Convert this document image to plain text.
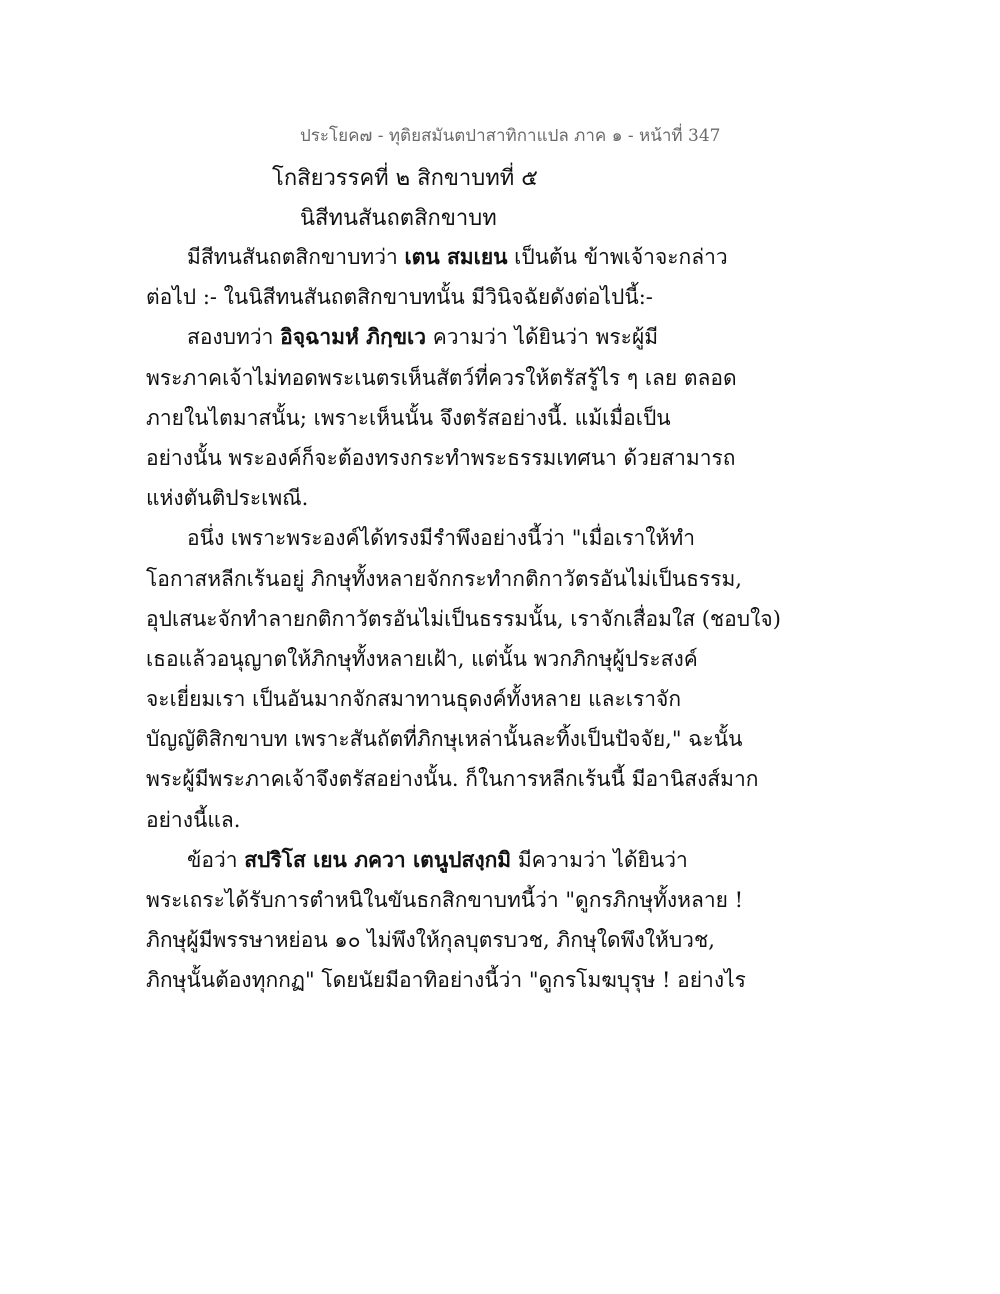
ประโยค๗ - ทุติยสมันตปาสาทิกาแปล ภาค ๑ - หน้าที่ 347
โกสิยวรรคที่ ๒ สิกขาบทที่ ๕
นิสีทนสันถตสิกขาบท
มีสีทนสันถตสิกขาบทว่า เตน สมเยน เป็นต้น ข้าพเจ้าจะกล่าว
ต่อไป :- ในนิสีทนสันถตสิกขาบทนั้น มีวินิจฉัยดังต่อไปนี้:-
สองบทว่า อิจฺฉามหํ ภิกฺขเว ความว่า ได้ยินว่า พระผู้มี
พระภาคเจ้าไม่ทอดพระเนตรเห็นสัตว์ที่ควรให้ตรัสรู้ไร ๆ เลย ตลอด
ภายในไตมาสนั้น; เพราะเห็นนั้น จึงตรัสอย่างนี้. แม้เมื่อเป็น
อย่างนั้น พระองค์ก็จะต้องทรงกระทำพระธรรมเทศนา ด้วยสามารถ
แห่งตันติประเพณี.
อนึ่ง เพราะพระองค์ได้ทรงมีรำพึงอย่างนี้ว่า "เมื่อเราให้ทำ
โอกาสหลีกเร้นอยู่ ภิกษุทั้งหลายจักกระทำกติกาวัตรอันไม่เป็นธรรม,
อุปเสนะจักทำลายกติกาวัตรอันไม่เป็นธรรมนั้น, เราจักเสื่อมใส (ชอบใจ)
เธอแล้วอนุญาตให้ภิกษุทั้งหลายเฝ้า, แต่นั้น พวกภิกษุผู้ประสงค์
จะเยี่ยมเรา เป็นอันมากจักสมาทานธุดงค์ทั้งหลาย และเราจัก
บัญญัติสิกขาบท เพราะสันถัตที่ภิกษุเหล่านั้นละทิ้งเป็นปัจจัย," ฉะนั้น
พระผู้มีพระภาคเจ้าจึงตรัสอย่างนั้น. ก็ในการหลีกเร้นนี้ มีอานิสงส์มาก
อย่างนี้แล.
ข้อว่า สปริโส เยน ภควา เตนูปสงฺกมิ มีความว่า ได้ยินว่า
พระเถระได้รับการตำหนิในขันธกสิกขาบทนี้ว่า "ดูกรภิกษุทั้งหลาย !
ภิกษุผู้มีพรรษาหย่อน ๑๐ ไม่พึงให้กุลบุตรบวช, ภิกษุใดพึงให้บวช,
ภิกษุนั้นต้องทุกกฏ" โดยนัยมีอาทิอย่างนี้ว่า "ดูกรโมฆบุรุษ ! อย่างไร
